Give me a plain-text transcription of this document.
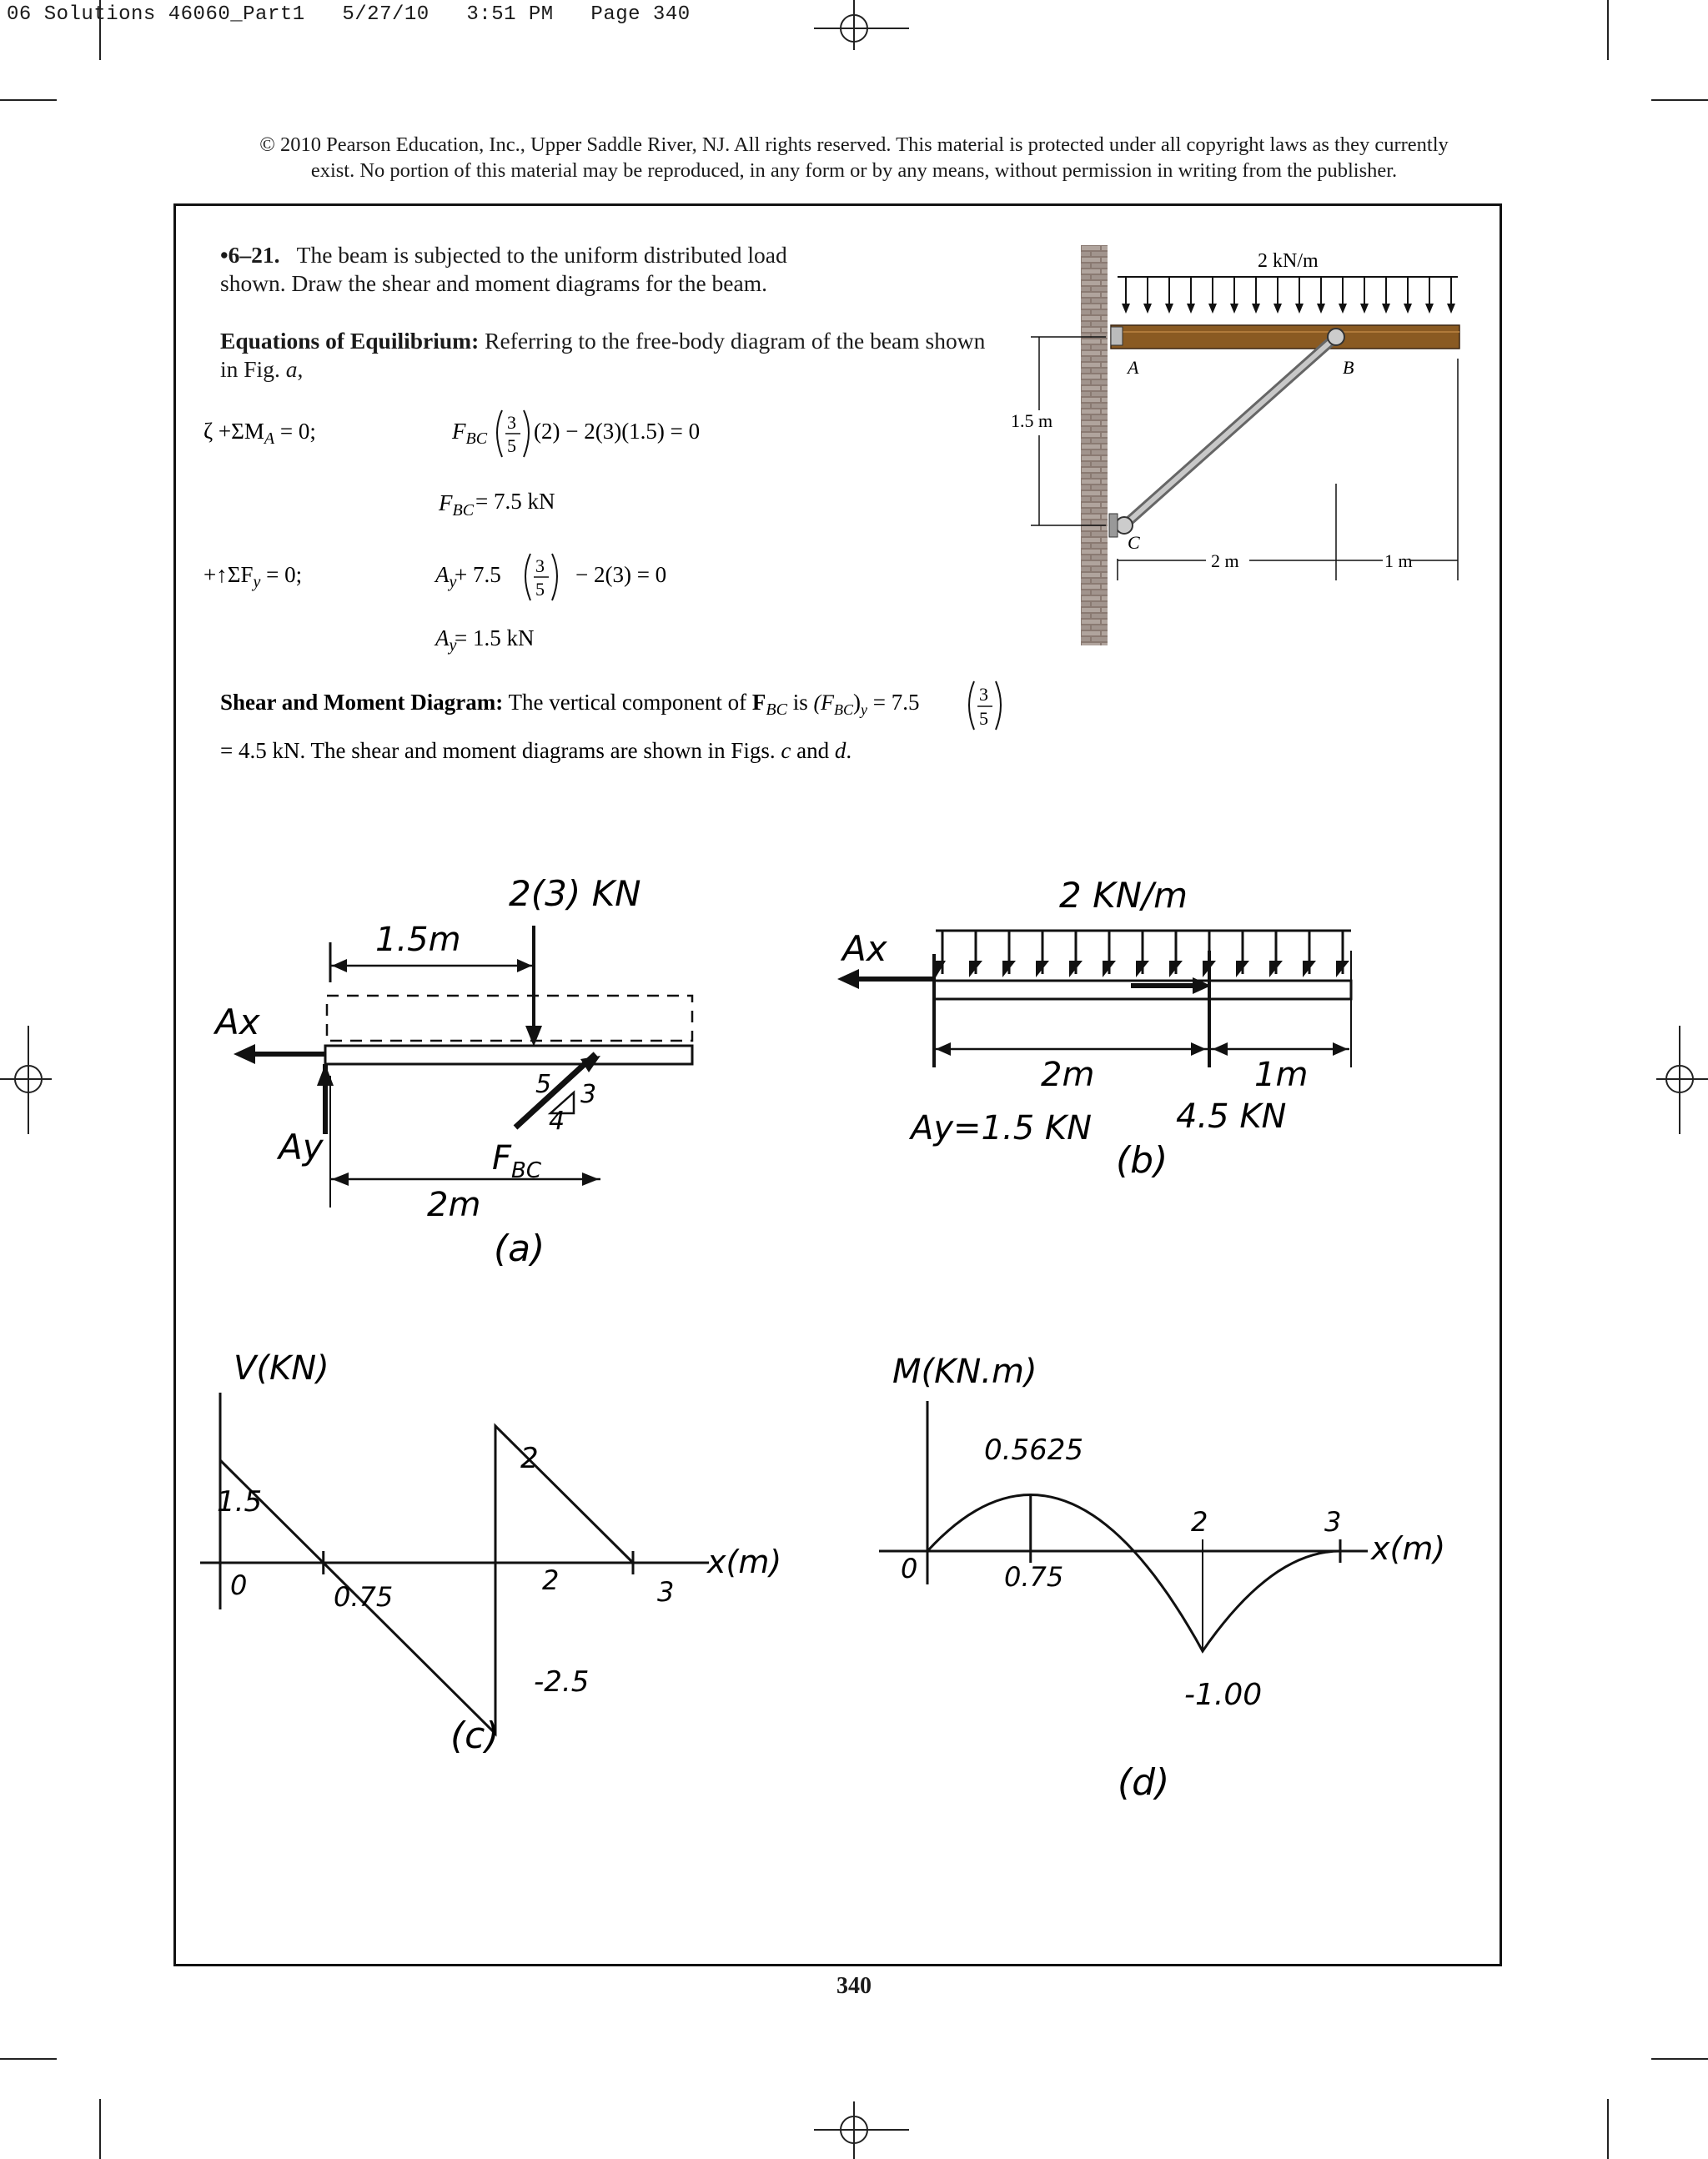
06 Solutions 46060_Part1   5/27/10   3:51 PM   Page 340
© 2010 Pearson Education, Inc., Upper Saddle River, NJ. All rights reserved. This material is protected under all copyright laws as they currently
exist. No portion of this material may be reproduced, in any form or by any means, without permission in writing from the publisher.
•6–21. The beam is subjected to the uniform distributed load
shown. Draw the shear and moment diagrams for the beam.
Equations of Equilibrium: Referring to the free-body diagram of the beam shown
in Fig. a,
$\zeta +\Sigma M_A = 0$;	$F_{BC}$
3
5
(2) − 2(3)(1.5) = 0
$F_{BC} = 7.5$ kN
$+↑\Sigma F_y = 0$;	$A_y$
+ 7.5 3
5
− 2(3) = 0
$A_y$
= 1.5 kN
Shear and Moment Diagram: The vertical component of $F_{BC}$ is $(F_{BC})_y = 7.5$	3
5
= 4.5 kN. The shear and moment diagrams are shown in Figs. c and d.
2 kN/m
A	B
C
1.5 m
2 m	1 m
2(3) KN
1.5m
Ax
Ay	$F_{BC}$
5 3
4
2m
(a)
2 KN/m
Ax
2m	1m
Ay=1.5 KN	4.5 KN
(b)
V(KN)
x(m)
0
1.5
0.75
2
2	3
-2.5
(c)
M(KN.m)
x(m)
0
0.5625
0.75
2	3
-1.00
(d)
340
